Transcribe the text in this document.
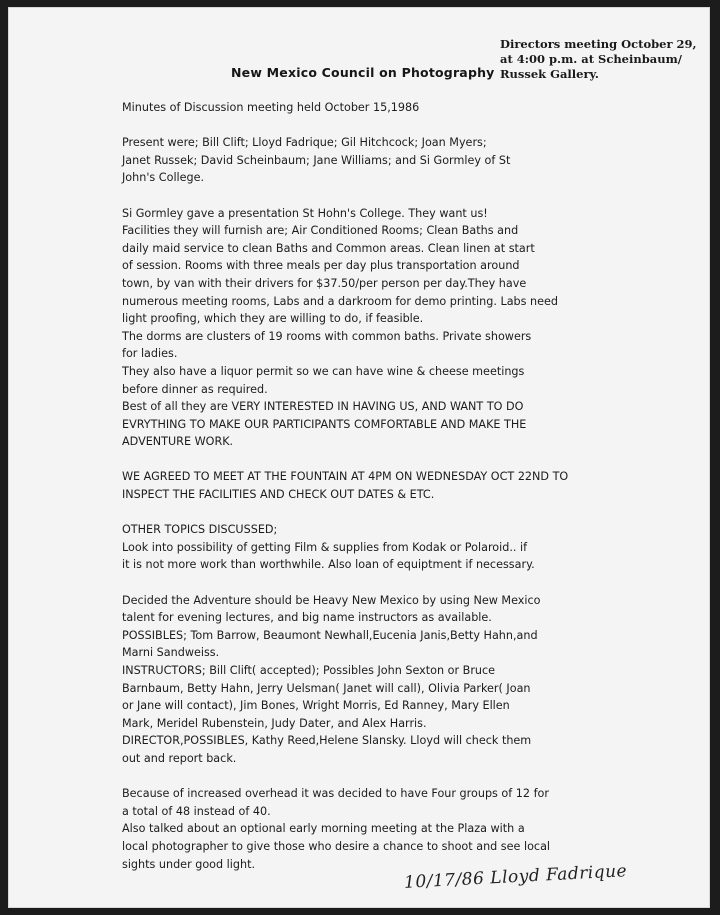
Directors meeting October 29,
at 4:00 p.m. at Scheinbaum/
Russek Gallery.
New Mexico Council on Photography
Minutes of Discussion meeting held October 15,1986
Present were; Bill Clift; Lloyd Fadrique; Gil Hitchcock; Joan Myers;
Janet Russek; David Scheinbaum; Jane Williams; and Si Gormley of St
John's College.
Si Gormley gave a presentation St Hohn's College. They want us!
Facilities they will furnish are; Air Conditioned Rooms; Clean Baths and
daily maid service to clean Baths and Common areas. Clean linen at start
of session. Rooms with three meals per day plus transportation around
town, by van with their drivers for $37.50/per person per day.They have
numerous meeting rooms, Labs and a darkroom for demo printing. Labs need
light proofing, which they are willing to do, if feasible.
The dorms are clusters of 19 rooms with common baths. Private showers
for ladies.
They also have a liquor permit so we can have wine & cheese meetings
before dinner as required.
Best of all they are VERY INTERESTED IN HAVING US, AND WANT TO DO
EVRYTHING TO MAKE OUR PARTICIPANTS COMFORTABLE AND MAKE THE
ADVENTURE WORK.
WE AGREED TO MEET AT THE FOUNTAIN AT 4PM ON WEDNESDAY OCT 22ND TO
INSPECT THE FACILITIES AND CHECK OUT DATES & ETC.
OTHER TOPICS DISCUSSED;
Look into possibility of getting Film & supplies from Kodak or Polaroid.. if
it is not more work than worthwhile. Also loan of equiptment if necessary.
Decided the Adventure should be Heavy New Mexico by using New Mexico
talent for evening lectures, and big name instructors as available.
POSSIBLES; Tom Barrow, Beaumont Newhall,Eucenia Janis,Betty Hahn,and
Marni Sandweiss.
INSTRUCTORS; Bill Clift( accepted); Possibles John Sexton or Bruce
Barnbaum, Betty Hahn, Jerry Uelsman( Janet will call), Olivia Parker( Joan
or Jane will contact), Jim Bones, Wright Morris, Ed Ranney, Mary Ellen
Mark, Meridel Rubenstein, Judy Dater, and Alex Harris.
DIRECTOR,POSSIBLES, Kathy Reed,Helene Slansky. Lloyd will check them
out and report back.
Because of increased overhead it was decided to have Four groups of 12 for
a total of 48 instead of 40.
Also talked about an optional early morning meeting at the Plaza with a
local photographer to give those who desire a chance to shoot and see local
sights under good light.	10/17/86 Lloyd Fadrique
